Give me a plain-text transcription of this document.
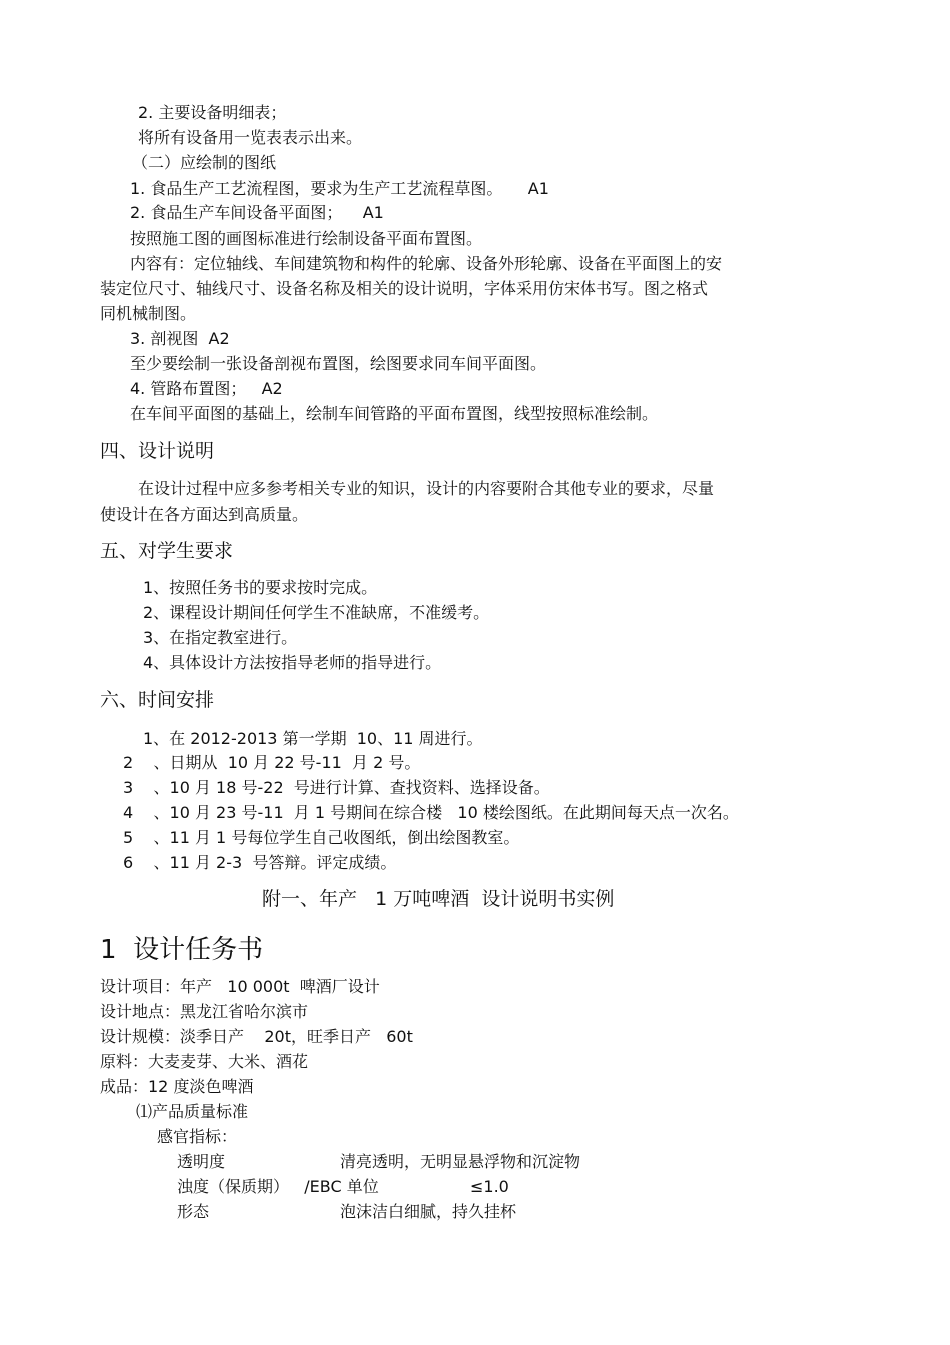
2. 主要设备明细表；
将所有设备用一览表表示出来。
（二）应绘制的图纸
1. 食品生产工艺流程图，要求为生产工艺流程草图。     A1
2. 食品生产车间设备平面图；    A1
按照施工图的画图标准进行绘制设备平面布置图。
内容有：定位轴线、车间建筑物和构件的轮廓、设备外形轮廓、设备在平面图上的安
装定位尺寸、轴线尺寸、设备名称及相关的设计说明，字体采用仿宋体书写。图之格式
同机械制图。
3. 剖视图  A2
至少要绘制一张设备剖视布置图，绘图要求同车间平面图。
4. 管路布置图；   A2
在车间平面图的基础上，绘制车间管路的平面布置图，线型按照标准绘制。
四、设计说明
在设计过程中应多参考相关专业的知识，设计的内容要附合其他专业的要求，尽量
使设计在各方面达到高质量。
五、对学生要求
1、按照任务书的要求按时完成。
2、课程设计期间任何学生不准缺席，不准缓考。
3、在指定教室进行。
4、具体设计方法按指导老师的指导进行。
六、时间安排
1、在 2012-2013 第一学期  10、11 周进行。
2    、日期从  10 月 22 号-11  月 2 号。
3    、10 月 18 号-22  号进行计算、查找资料、选择设备。
4    、10 月 23 号-11  月 1 号期间在综合楼   10 楼绘图纸。在此期间每天点一次名。
5    、11 月 1 号每位学生自己收图纸，倒出绘图教室。
6    、11 月 2-3  号答辩。评定成绩。
附一、年产   1 万吨啤酒  设计说明书实例
1  设计任务书
设计项目：年产   10 000t  啤酒厂设计
设计地点：黑龙江省哈尔滨市
设计规模：淡季日产    20t，旺季日产   60t
原料：大麦麦芽、大米、酒花
成品：12 度淡色啤酒
⑴产品质量标准
感官指标：
透明度	清亮透明，无明显悬浮物和沉淀物
浊度（保质期）   /EBC 单位	≤1.0
形态	泡沫洁白细腻，持久挂杯
